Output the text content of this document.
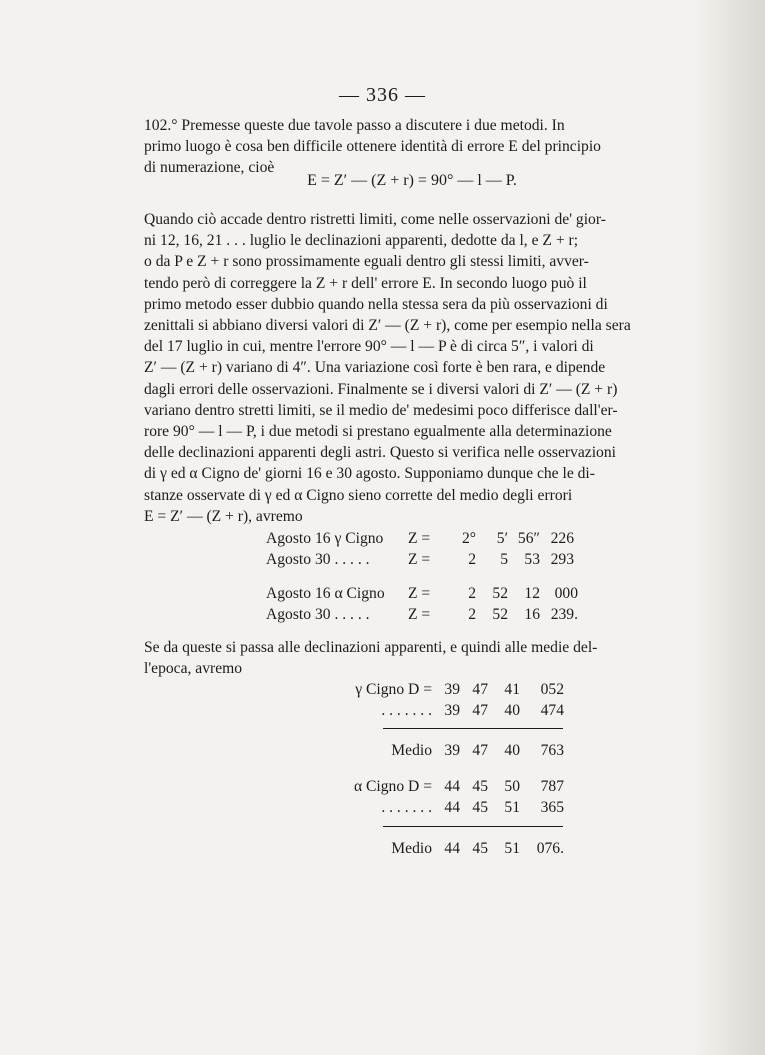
— 336 —
102.° Premesse queste due tavole passo a discutere i due metodi. In
primo luogo è cosa ben difficile ottenere identità di errore E del principio
di numerazione, cioè
E = Z′ — (Z + r) = 90° — l — P.
Quando ciò accade dentro ristretti limiti, come nelle osservazioni de' gior-
ni 12, 16, 21 . . . luglio le declinazioni apparenti, dedotte da l, e Z + r;
o da P e Z + r sono prossimamente eguali dentro gli stessi limiti, avver-
tendo però di correggere la Z + r dell' errore E. In secondo luogo può il
primo metodo esser dubbio quando nella stessa sera da più osservazioni di
zenittali si abbiano diversi valori di Z′ — (Z + r), come per esempio nella sera
del 17 luglio in cui, mentre l'errore 90° — l — P è di circa 5″, i valori di
Z′ — (Z + r) variano di 4″. Una variazione così forte è ben rara, e dipende
dagli errori delle osservazioni. Finalmente se i diversi valori di Z′ — (Z + r)
variano dentro stretti limiti, se il medio de' medesimi poco differisce dall'er-
rore 90° — l — P, i due metodi si prestano egualmente alla determinazione
delle declinazioni apparenti degli astri. Questo si verifica nelle osservazioni
di γ ed α Cigno de' giorni 16 e 30 agosto. Supponiamo dunque che le di-
stanze osservate di γ ed α Cigno sieno corrette del medio degli errori
E = Z′ — (Z + r), avremo
Agosto 16 γ Cigno	Z =	2°	5′	56″	226
Agosto 30 . . . . .	Z =	2	5	53	293
Agosto 16 α Cigno	Z =	2	52	12	000
Agosto 30 . . . . .	Z =	2	52	16	239.
Se da queste si passa alle declinazioni apparenti, e quindi alle medie del-
l'epoca, avremo
γ Cigno D =	39	47	41	052
. . . . . . .	39	47	40	474
Medio	39	47	40	763
α Cigno D =	44	45	50	787
. . . . . . .	44	45	51	365
Medio	44	45	51	076.
